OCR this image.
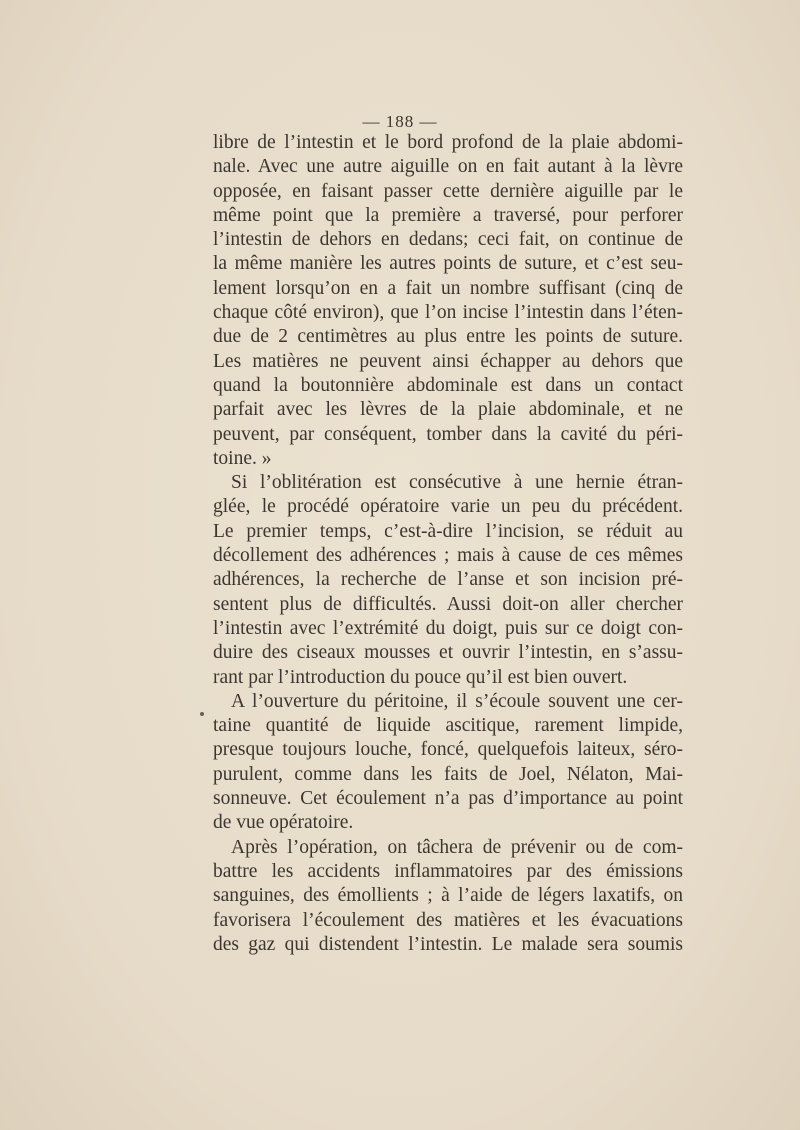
— 188 —
libre de l’intestin et le bord profond de la plaie abdomi-
nale. Avec une autre aiguille on en fait autant à la lèvre
opposée, en faisant passer cette dernière aiguille par le
même point que la première a traversé, pour perforer
l’intestin de dehors en dedans; ceci fait, on continue de
la même manière les autres points de suture, et c’est seu-
lement lorsqu’on en a fait un nombre suffisant (cinq de
chaque côté environ), que l’on incise l’intestin dans l’éten-
due de 2 centimètres au plus entre les points de suture.
Les matières ne peuvent ainsi échapper au dehors que
quand la boutonnière abdominale est dans un contact
parfait avec les lèvres de la plaie abdominale, et ne
peuvent, par conséquent, tomber dans la cavité du péri-
toine. »
Si l’oblitération est consécutive à une hernie étran-
glée, le procédé opératoire varie un peu du précédent.
Le premier temps, c’est-à-dire l’incision, se réduit au
décollement des adhérences ; mais à cause de ces mêmes
adhérences, la recherche de l’anse et son incision pré-
sentent plus de difficultés. Aussi doit-on aller chercher
l’intestin avec l’extrémité du doigt, puis sur ce doigt con-
duire des ciseaux mousses et ouvrir l’intestin, en s’assu-
rant par l’introduction du pouce qu’il est bien ouvert.
A l’ouverture du péritoine, il s’écoule souvent une cer-
taine quantité de liquide ascitique, rarement limpide,
presque toujours louche, foncé, quelquefois laiteux, séro-
purulent, comme dans les faits de Joel, Nélaton, Mai-
sonneuve. Cet écoulement n’a pas d’importance au point
de vue opératoire.
Après l’opération, on tâchera de prévenir ou de com-
battre les accidents inflammatoires par des émissions
sanguines, des émollients ; à l’aide de légers laxatifs, on
favorisera l’écoulement des matières et les évacuations
des gaz qui distendent l’intestin. Le malade sera soumis
